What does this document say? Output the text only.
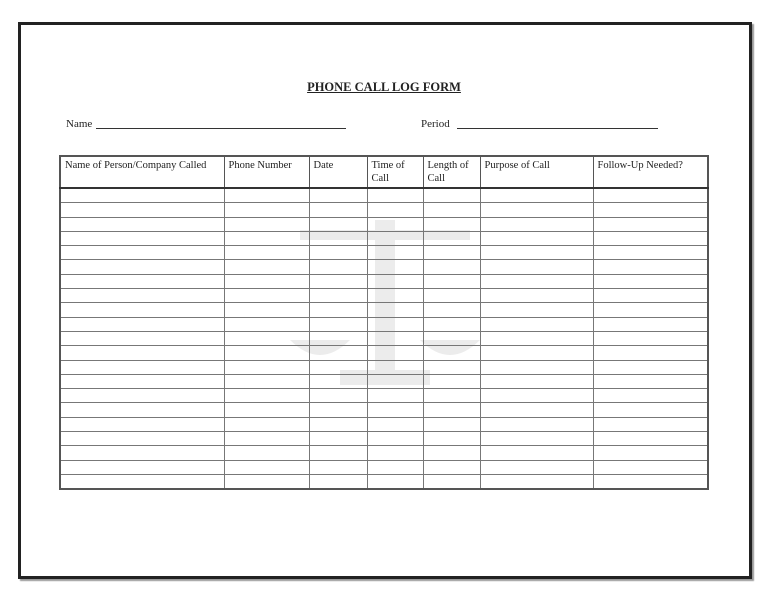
PHONE CALL LOG FORM
Name	Period
Name of Person/Company Called	Phone Number	Date	Time of Call	Length of Call	Purpose of Call	Follow-Up Needed?
